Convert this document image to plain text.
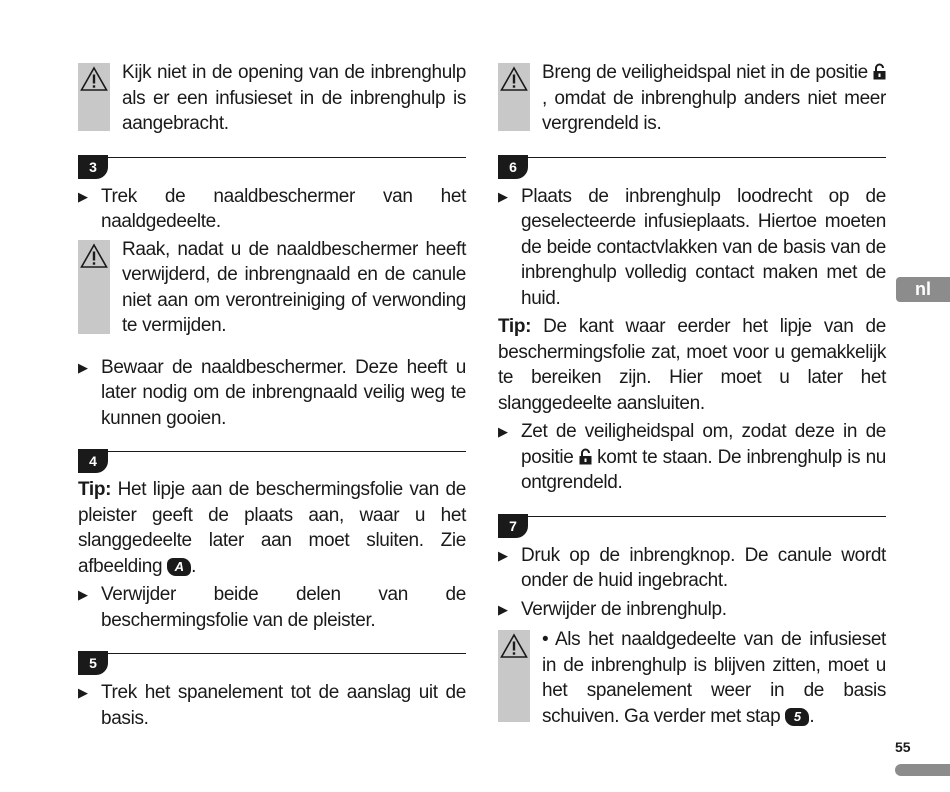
Kijk niet in de opening van de inbrenghulp als er een infusieset in de inbrenghulp is aangebracht.
3
▶ Trek de naaldbeschermer van het naaldgedeelte.
Raak, nadat u de naaldbeschermer heeft verwijderd, de inbrengnaald en de canule niet aan om verontreiniging of verwonding te vermijden.
▶ Bewaar de naaldbeschermer. Deze heeft u later nodig om de inbrengnaald veilig weg te kunnen gooien.
4
Tip: Het lipje aan de beschermingsfolie van de pleister geeft de plaats aan, waar u het slanggedeelte later aan moet sluiten. Zie afbeelding A .
▶ Verwijder beide delen van de beschermingsfolie van de pleister.
5
▶ Trek het spanelement tot de aanslag uit de basis.
Breng de veiligheidspal niet in de positie , omdat de inbrenghulp anders niet meer vergrendeld is.
6
▶ Plaats de inbrenghulp loodrecht op de geselecteerde infusieplaats. Hiertoe moeten de beide contactvlakken van de basis van de inbrenghulp volledig contact maken met de huid.
Tip: De kant waar eerder het lipje van de beschermingsfolie zat, moet voor u gemakkelijk te bereiken zijn. Hier moet u later het slanggedeelte aansluiten.
▶ Zet de veiligheidspal om, zodat deze in de positie  komt te staan. De inbrenghulp is nu ontgrendeld.
7
▶ Druk op de inbrengknop. De canule wordt onder de huid ingebracht.
▶ Verwijder de inbrenghulp.
• Als het naaldgedeelte van de infusieset in de inbrenghulp is blijven zitten, moet u het spanelement weer in de basis schuiven. Ga verder met stap 5 .
nl
55
